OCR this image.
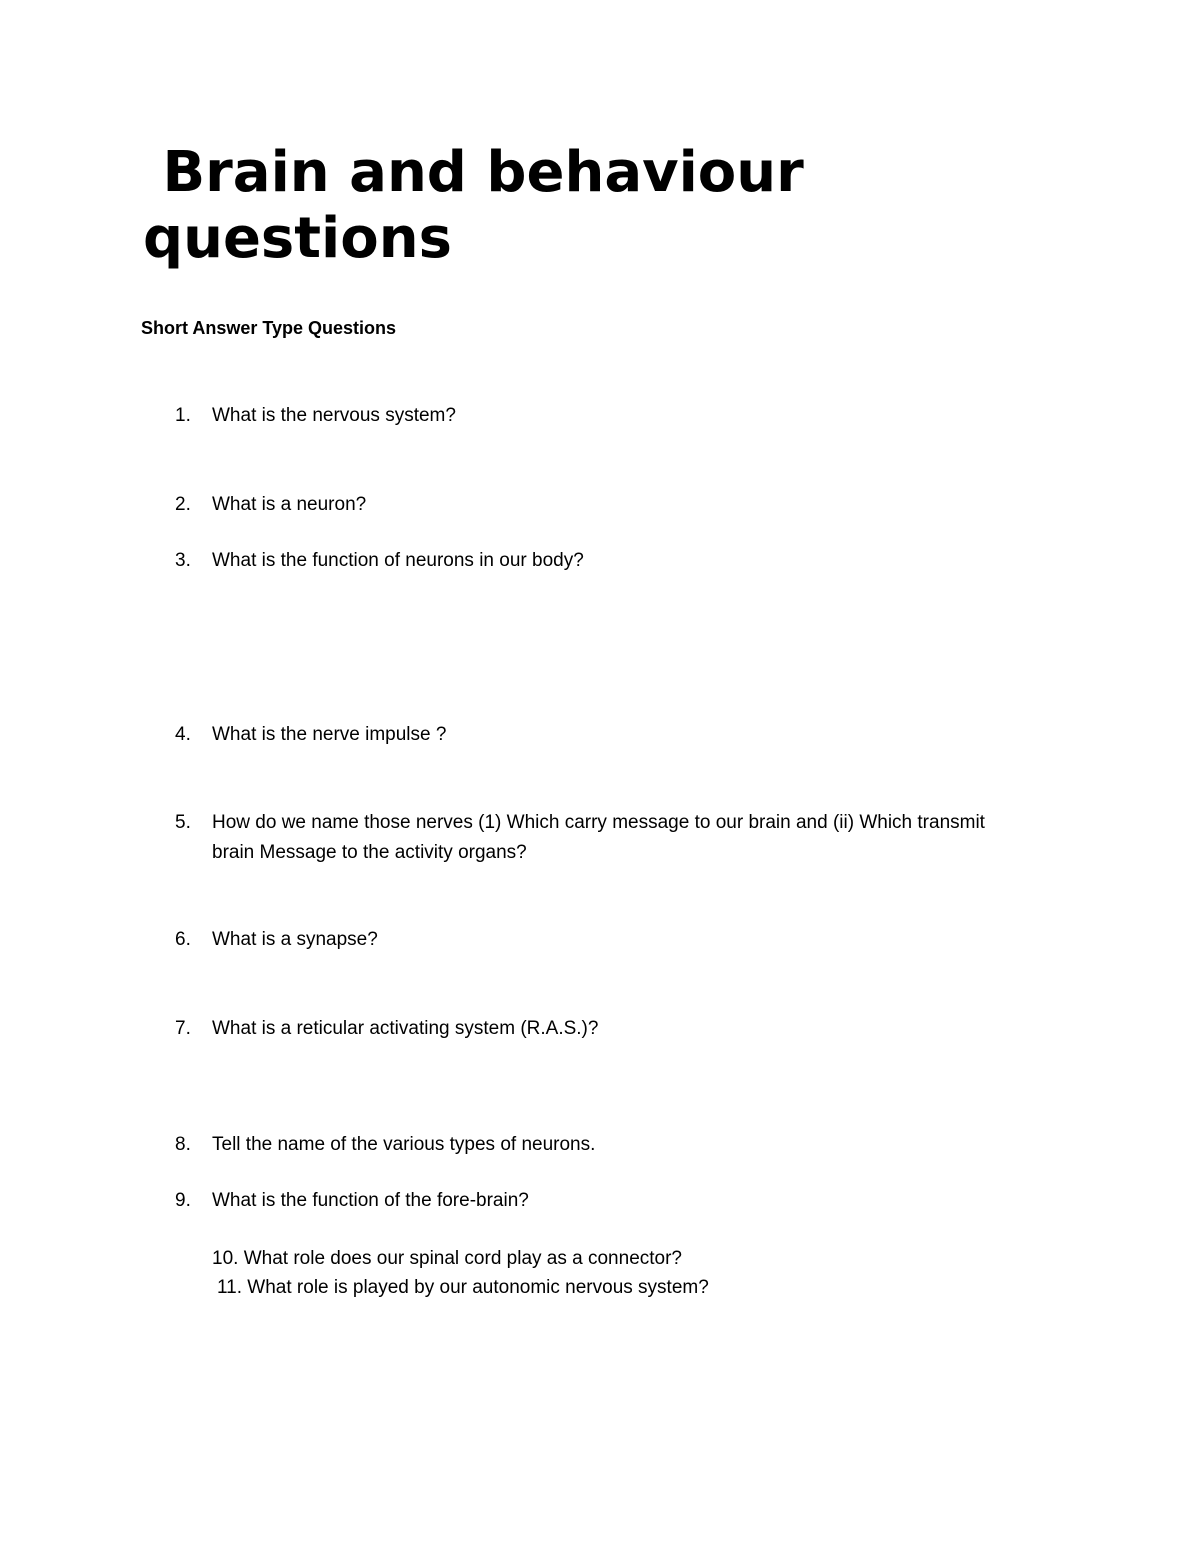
Brain and behaviour questions

Short Answer Type Questions

1.	What is the nervous system?
2.	What is a neuron?
3.	What is the function of neurons in our body?
4.	What is the nerve impulse ?
5.	How do we name those nerves (1) Which carry message to our brain and (ii) Which transmit brain Message to the activity organs?
6.	What is a synapse?
7.	What is a reticular activating system (R.A.S.)?
8.	Tell the name of the various types of neurons.
9.	What is the function of the fore-brain?
10. What role does our spinal cord play as a connector?
11. What role is played by our autonomic nervous system?
